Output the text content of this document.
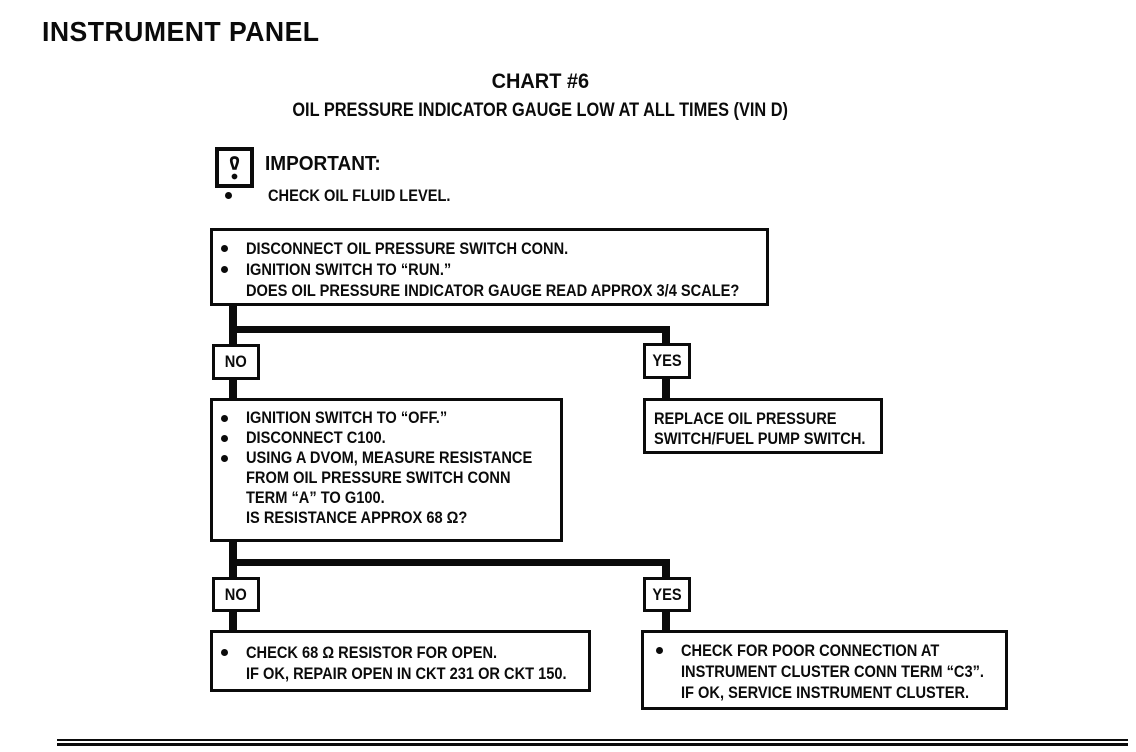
INSTRUMENT PANEL
CHART #6
OIL PRESSURE INDICATOR GAUGE LOW AT ALL TIMES (VIN D)
IMPORTANT:
CHECK OIL FLUID LEVEL.
DISCONNECT OIL PRESSURE SWITCH CONN.
IGNITION SWITCH TO “RUN.”
DOES OIL PRESSURE INDICATOR GAUGE READ APPROX 3/4 SCALE?
NO	YES
IGNITION SWITCH TO “OFF.”
DISCONNECT C100.
USING A DVOM, MEASURE RESISTANCE
FROM OIL PRESSURE SWITCH CONN
TERM “A” TO G100.
IS RESISTANCE APPROX 68 Ω?
REPLACE OIL PRESSURE
SWITCH/FUEL PUMP SWITCH.
NO	YES
CHECK 68 Ω RESISTOR FOR OPEN.
IF OK, REPAIR OPEN IN CKT 231 OR CKT 150.
CHECK FOR POOR CONNECTION AT
INSTRUMENT CLUSTER CONN TERM “C3”.
IF OK, SERVICE INSTRUMENT CLUSTER.
